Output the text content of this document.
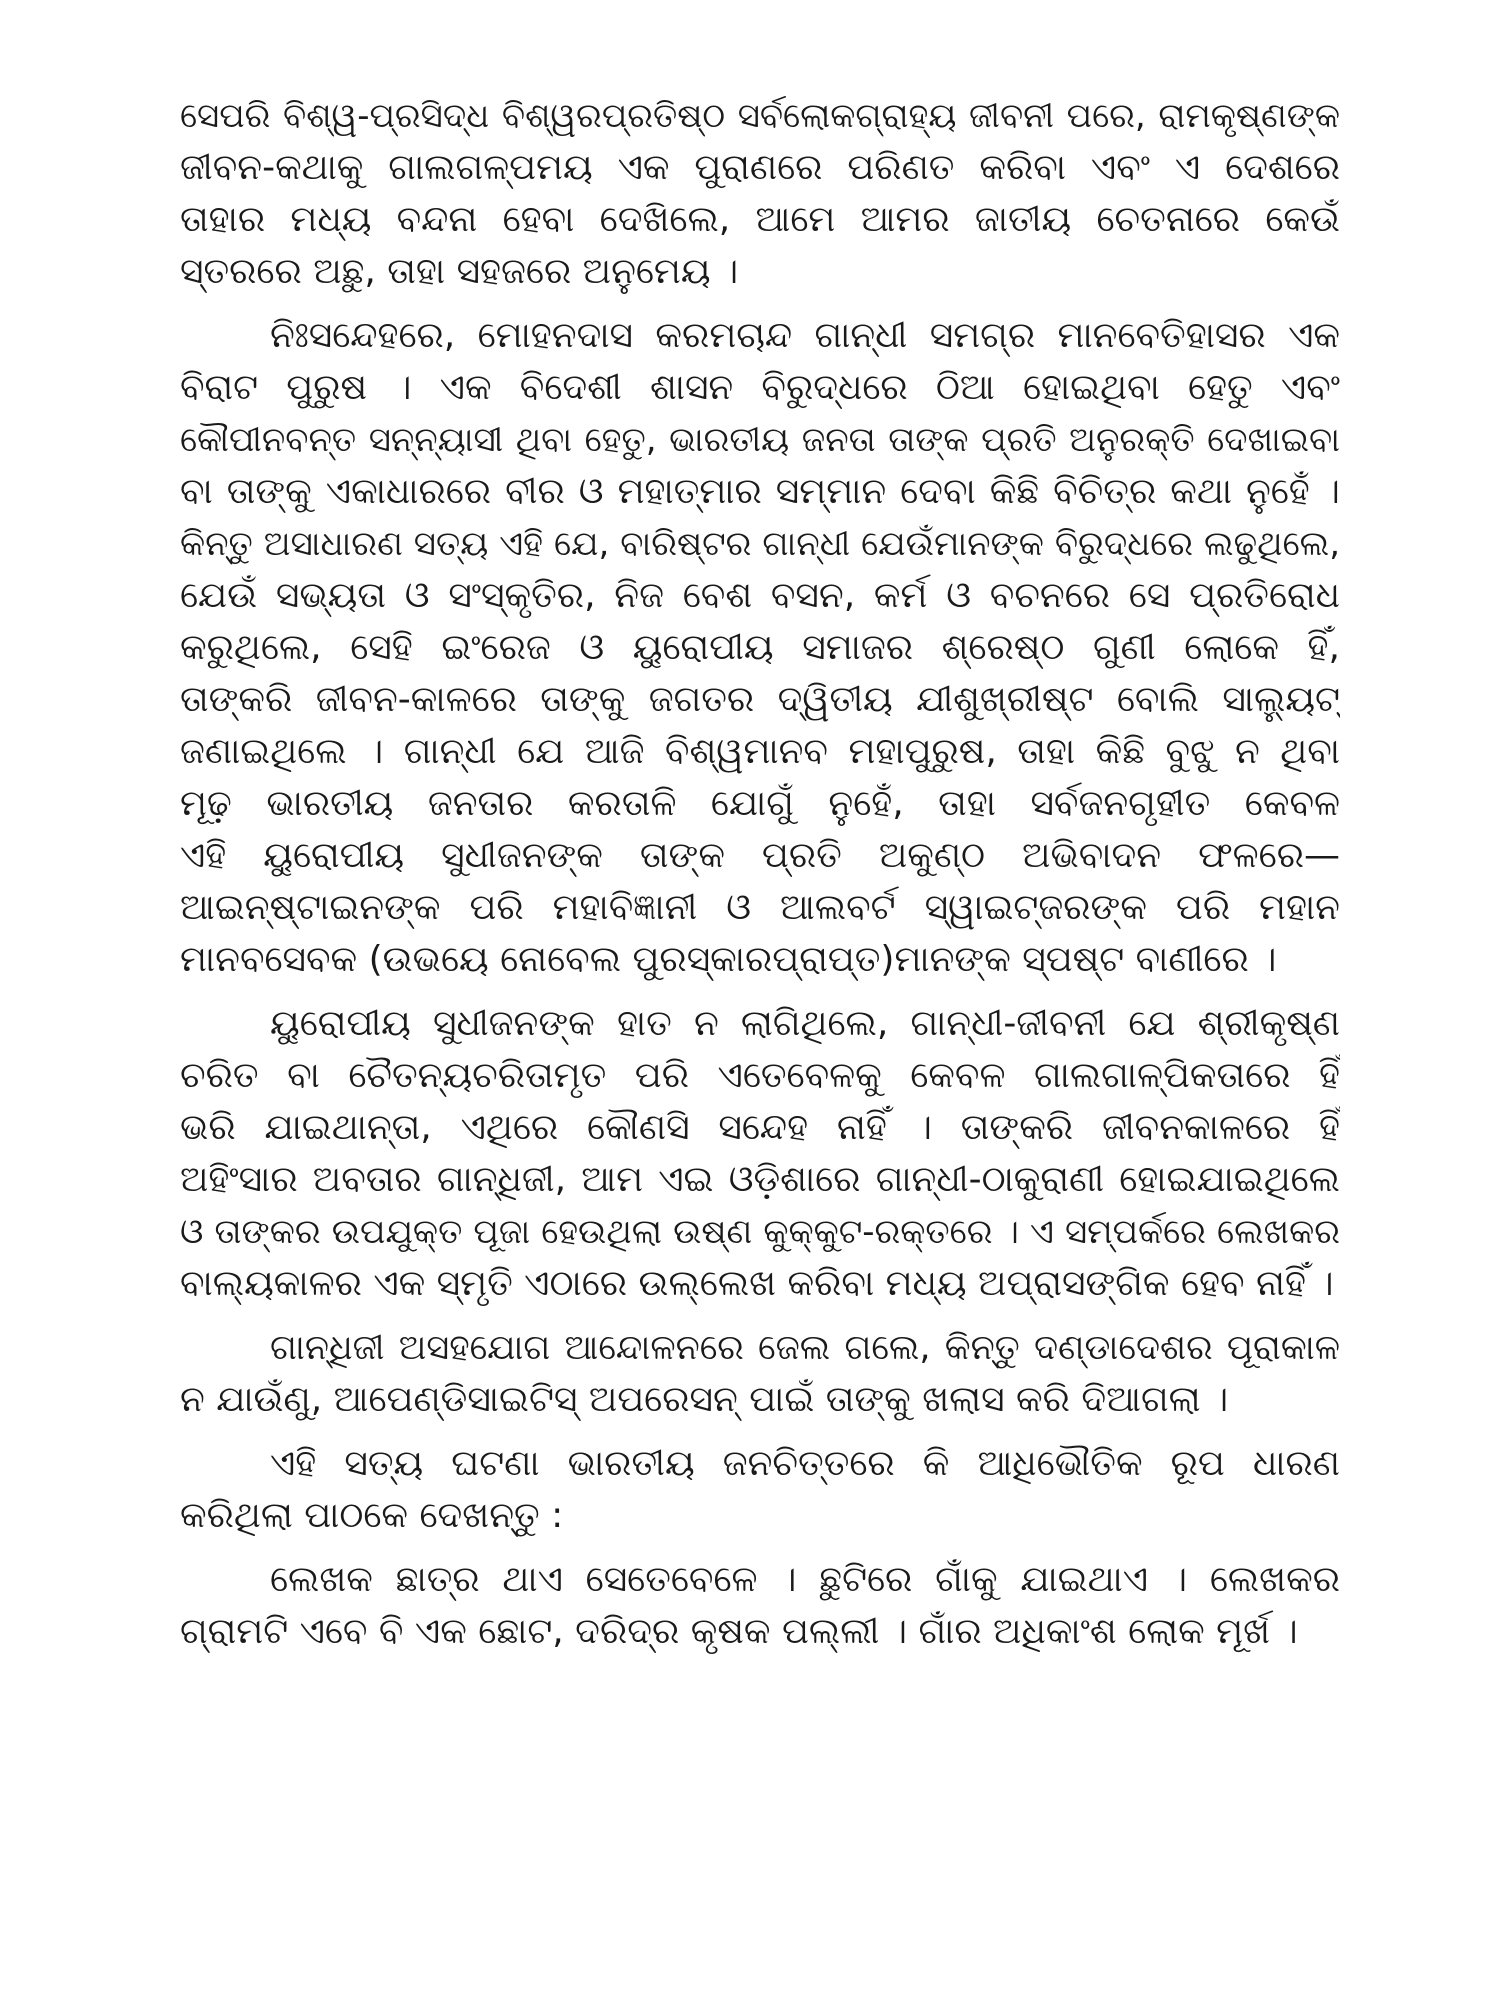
ସେପରି ବିଶ୍ୱ-ପ୍ରସିଦ୍ଧ ବିଶ୍ୱରପ୍ରତିଷ୍ଠ ସର୍ବଲୋକଗ୍ରାହ୍ୟ ଜୀବନୀ ପରେ, ରାମକୃଷ୍ଣଙ୍କ
ଜୀବନ-କଥାକୁ ଗାଲଗଳ୍ପମୟ ଏକ ପୁରାଣରେ ପରିଣତ କରିବା ଏବଂ ଏ ଦେଶରେ
ତାହାର ମଧ୍ୟ ବନ୍ଦନା ହେବା ଦେଖିଲେ, ଆମେ ଆମର ଜାତୀୟ ଚେତନାରେ କେଉଁ
ସ୍ତରରେ ଅଛୁ, ତାହା ସହଜରେ ଅନୁମେୟ ।
ନିଃସନ୍ଦେହରେ, ମୋହନଦାସ କରମଚାନ୍ଦ ଗାନ୍ଧୀ ସମଗ୍ର ମାନବେତିହାସର ଏକ
ବିରାଟ ପୁରୁଷ । ଏକ ବିଦେଶୀ ଶାସନ ବିରୁଦ୍ଧରେ ଠିଆ ହୋଇଥିବା ହେତୁ ଏବଂ
କୌପୀନବନ୍ତ ସନ୍ନ୍ୟାସୀ ଥିବା ହେତୁ, ଭାରତୀୟ ଜନତା ତାଙ୍କ ପ୍ରତି ଅନୁରକ୍ତି ଦେଖାଇବା
ବା ତାଙ୍କୁ ଏକାଧାରରେ ବୀର ଓ ମହାତ୍ମାର ସମ୍ମାନ ଦେବା କିଛି ବିଚିତ୍ର କଥା ନୁହେଁ ।
କିନ୍ତୁ ଅସାଧାରଣ ସତ୍ୟ ଏହି ଯେ, ବାରିଷ୍ଟର ଗାନ୍ଧୀ ଯେଉଁମାନଙ୍କ ବିରୁଦ୍ଧରେ ଲଢୁଥିଲେ,
ଯେଉଁ ସଭ୍ୟତା ଓ ସଂସ୍କୃତିର, ନିଜ ବେଶ ବସନ, କର୍ମ ଓ ବଚନରେ ସେ ପ୍ରତିରୋଧ
କରୁଥିଲେ, ସେହି ଇଂରେଜ ଓ ୟୁରୋପୀୟ ସମାଜର ଶ୍ରେଷ୍ଠ ଗୁଣୀ ଲୋକେ ହିଁ,
ତାଙ୍କରି ଜୀବନ-କାଳରେ ତାଙ୍କୁ ଜଗତର ଦ୍ୱିତୀୟ ଯୀଶୁଖ୍ରୀଷ୍ଟ ବୋଲି ସାଲ୍ୟୁଟ୍
ଜଣାଇଥିଲେ । ଗାନ୍ଧୀ ଯେ ଆଜି ବିଶ୍ୱମାନବ ମହାପୁରୁଷ, ତାହା କିଛି ବୁଝୁ ନ ଥିବା
ମୂଢ଼ ଭାରତୀୟ ଜନତାର କରତାଳି ଯୋଗୁଁ ନୁହେଁ, ତାହା ସର୍ବଜନଗୃହୀତ କେବଳ
ଏହି ୟୁରୋପୀୟ ସୁଧୀଜନଙ୍କ ତାଙ୍କ ପ୍ରତି ଅକୁଣ୍ଠ ଅଭିବାଦନ ଫଳରେ—
ଆଇନ୍‌ଷ୍ଟାଇନଙ୍କ ପରି ମହାବିଜ୍ଞାନୀ ଓ ଆଲବର୍ଟ ସ୍ୱାଇଟ୍‌ଜରଙ୍କ ପରି ମହାନ
ମାନବସେବକ (ଉଭୟେ ନୋବେଲ ପୁରସ୍କାରପ୍ରାପ୍ତ)ମାନଙ୍କ ସ୍ପଷ୍ଟ ବାଣୀରେ ।
ୟୁରୋପୀୟ ସୁଧୀଜନଙ୍କ ହାତ ନ ଲାଗିଥିଲେ, ଗାନ୍ଧୀ-ଜୀବନୀ ଯେ ଶ୍ରୀକୃଷ୍ଣ
ଚରିତ ବା ଚୈତନ୍ୟଚରିତାମୃତ ପରି ଏତେବେଳକୁ କେବଳ ଗାଲଗାଳ୍ପିକତାରେ ହିଁ
ଭରି ଯାଇଥାନ୍ତା, ଏଥିରେ କୌଣସି ସନ୍ଦେହ ନାହିଁ । ତାଙ୍କରି ଜୀବନକାଳରେ ହିଁ
ଅହିଂସାର ଅବତାର ଗାନ୍ଧିଜୀ, ଆମ ଏଇ ଓଡ଼ିଶାରେ ଗାନ୍ଧୀ-ଠାକୁରାଣୀ ହୋଇଯାଇଥିଲେ
ଓ ତାଙ୍କର ଉପଯୁକ୍ତ ପୂଜା ହେଉଥିଲା ଉଷ୍ଣ କୁକ୍‌କୁଟ-ରକ୍ତରେ । ଏ ସମ୍ପର୍କରେ ଲେଖକର
ବାଲ୍ୟକାଳର ଏକ ସ୍ମୃତି ଏଠାରେ ଉଲ୍ଲେଖ କରିବା ମଧ୍ୟ ଅପ୍ରାସଙ୍ଗିକ ହେବ ନାହିଁ ।
ଗାନ୍ଧିଜୀ ଅସହଯୋଗ ଆନ୍ଦୋଳନରେ ଜେଲ ଗଲେ, କିନ୍ତୁ ଦଣ୍ଡାଦେଶର ପୂରାକାଳ
ନ ଯାଉଁଣୁ, ଆପେଣ୍ଡିସାଇଟିସ୍ ଅପରେସନ୍ ପାଇଁ ତାଙ୍କୁ ଖଲାସ କରି ଦିଆଗଲା ।
ଏହି ସତ୍ୟ ଘଟଣା ଭାରତୀୟ ଜନଚିତ୍ତରେ କି ଆଧିଭୌତିକ ରୂପ ଧାରଣ
କରିଥିଲା ପାଠକେ ଦେଖନ୍ତୁ :
ଲେଖକ ଛାତ୍ର ଥାଏ ସେତେବେଳେ । ଛୁଟିରେ ଗାଁକୁ ଯାଇଥାଏ । ଲେଖକର
ଗ୍ରାମଟି ଏବେ ବି ଏକ ଛୋଟ, ଦରିଦ୍ର କୃଷକ ପଲ୍ଲୀ । ଗାଁର ଅଧିକାଂଶ ଲୋକ ମୂର୍ଖ ।
